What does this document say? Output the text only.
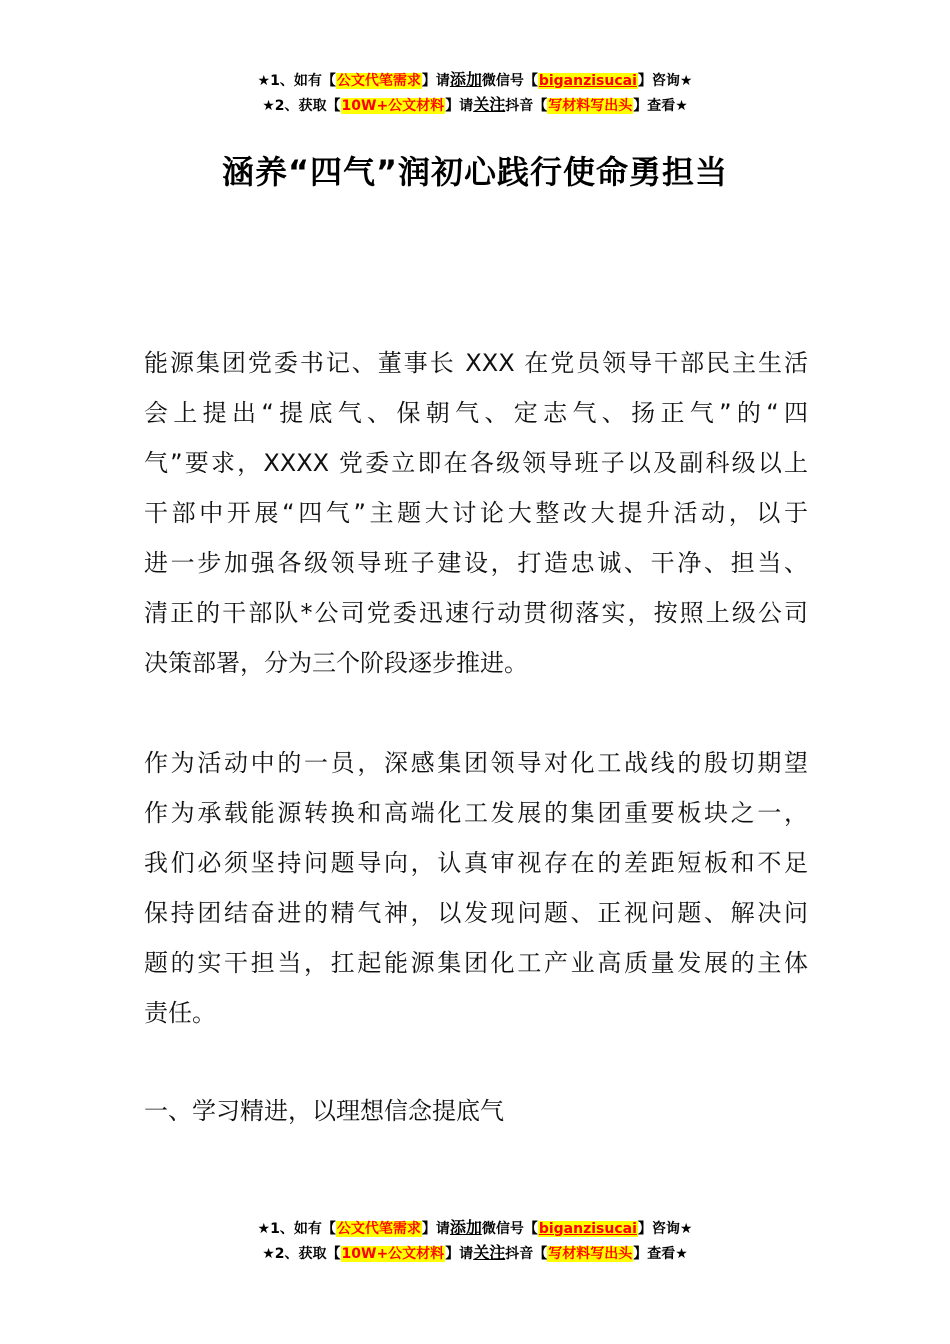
★1、如有【公文代笔需求】请添加微信号【biganzisucai】咨询★
★2、获取【10W+公文材料】请关注抖音【写材料写出头】查看★
涵养“四气”润初心践行使命勇担当
能源集团党委书记、董事长 XXX 在党员领导干部民主生活
会上提出“提底气、保朝气、定志气、扬正气”的“四
气”要求，XXXX 党委立即在各级领导班子以及副科级以上
干部中开展“四气”主题大讨论大整改大提升活动，以于
进一步加强各级领导班子建设，打造忠诚、干净、担当、
清正的干部队*公司党委迅速行动贯彻落实，按照上级公司
决策部署，分为三个阶段逐步推进。
作为活动中的一员，深感集团领导对化工战线的殷切期望
作为承载能源转换和高端化工发展的集团重要板块之一，
我们必须坚持问题导向，认真审视存在的差距短板和不足
保持团结奋进的精气神，以发现问题、正视问题、解决问
题的实干担当，扛起能源集团化工产业高质量发展的主体
责任。
一、学习精进，以理想信念提底气
★1、如有【公文代笔需求】请添加微信号【biganzisucai】咨询★
★2、获取【10W+公文材料】请关注抖音【写材料写出头】查看★
